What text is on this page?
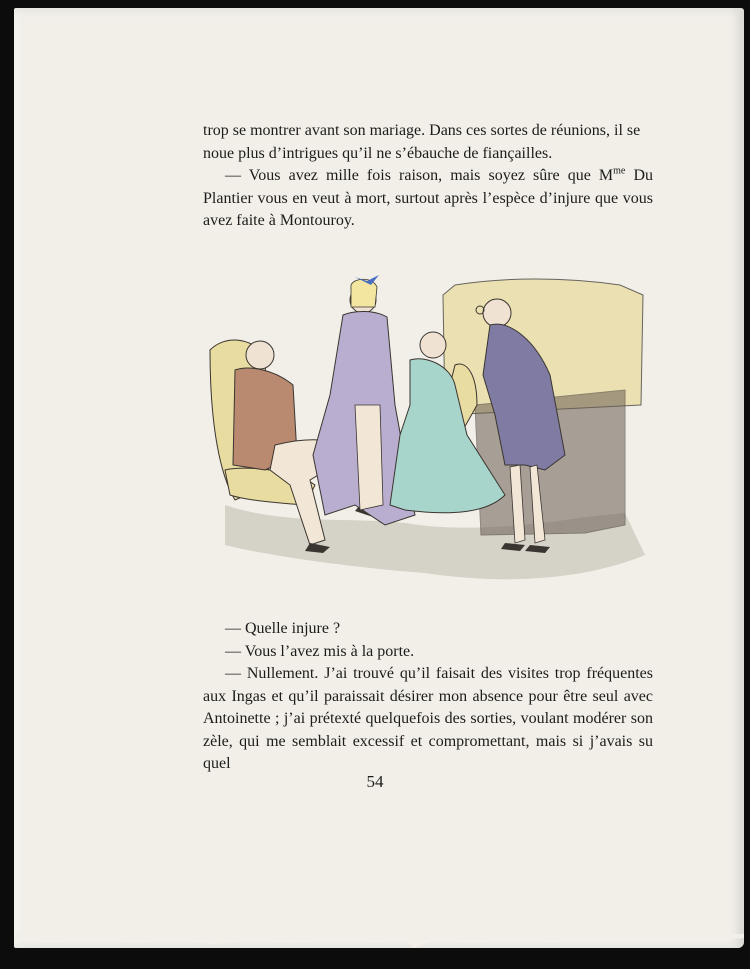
trop se montrer avant son mariage. Dans ces sortes de réunions, il se

noue plus d’intrigues qu’il ne s’ébauche de fiançailles.

— Vous avez mille fois raison, mais soyez sûre que $M^{me}$ Du Plantier vous en veut à mort, surtout après l’espèce d’injure que vous avez faite à Montouroy.

— Quelle injure ?

— Vous l’avez mis à la porte.

— Nullement. J’ai trouvé qu’il faisait des visites trop fréquentes aux Ingas et qu’il paraissait désirer mon absence pour être seul avec Antoinette ; j’ai prétexté quelquefois des sorties, voulant modérer son zèle, qui me semblait excessif et compromettant, mais si j’avais su quel

54
